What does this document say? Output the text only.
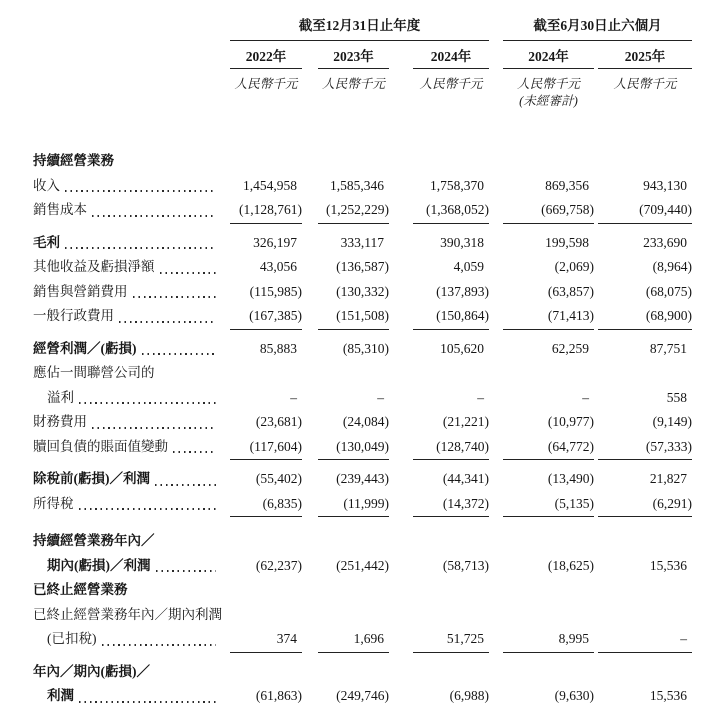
截至12月31日止年度	截至6月30日止六個月
2022年	2023年	2024年	2024年	2025年
人民幣千元	人民幣千元	人民幣千元	人民幣千元	人民幣千元
(未經審計)
持續經營業務
收入	1,454,958	1,585,346	1,758,370	869,356	943,130
銷售成本	(1,128,761)	(1,252,229)	(1,368,052)	(669,758)	(709,440)
毛利	326,197	333,117	390,318	199,598	233,690
其他收益及虧損淨額	43,056	(136,587)	4,059	(2,069)	(8,964)
銷售與營銷費用	(115,985)	(130,332)	(137,893)	(63,857)	(68,075)
一般行政費用	(167,385)	(151,508)	(150,864)	(71,413)	(68,900)
經營利潤／(虧損)	85,883	(85,310)	105,620	62,259	87,751
應佔一間聯營公司的
溢利	–	–	–	–	558
財務費用	(23,681)	(24,084)	(21,221)	(10,977)	(9,149)
贖回負債的賬面值變動	(117,604)	(130,049)	(128,740)	(64,772)	(57,333)
除稅前(虧損)／利潤	(55,402)	(239,443)	(44,341)	(13,490)	21,827
所得稅	(6,835)	(11,999)	(14,372)	(5,135)	(6,291)
持續經營業務年內／
期內(虧損)／利潤	(62,237)	(251,442)	(58,713)	(18,625)	15,536
已終止經營業務
已終止經營業務年內／期內利潤
(已扣稅)	374	1,696	51,725	8,995	–
年內／期內(虧損)／
利潤	(61,863)	(249,746)	(6,988)	(9,630)	15,536
